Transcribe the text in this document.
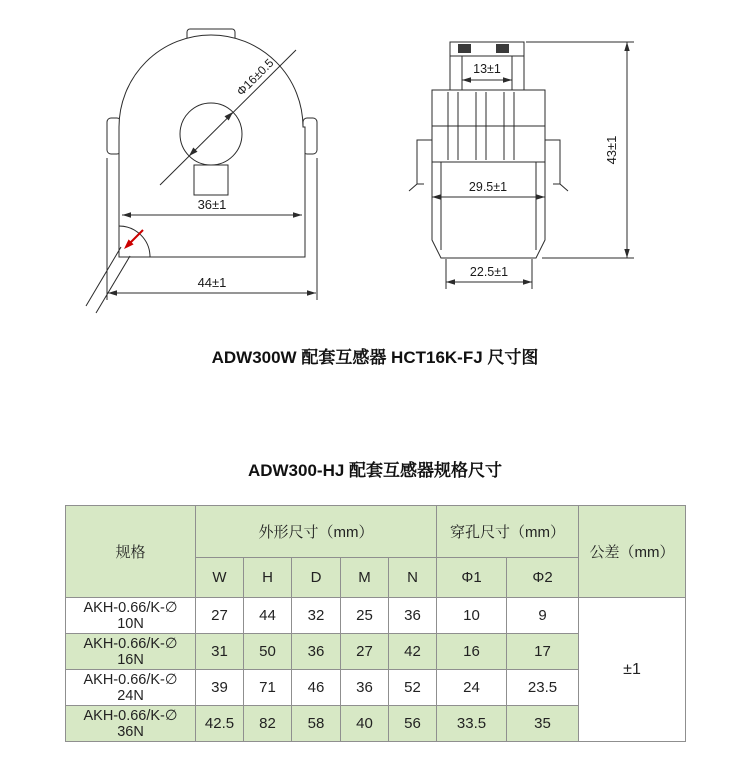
Φ16±0.5
36±1
44±1
13±1
29.5±1
22.5±1
43±1
ADW300W 配套互感器 HCT16K-FJ 尺寸图
ADW300-HJ 配套互感器规格尺寸
规格	外形尺寸（mm）					穿孔尺寸（mm）		公差（mm）
	W	H	D	M	N	Φ1	Φ2	
AKH-0.66/K-∅ 10N	27	44	32	25	36	10	9	±1
AKH-0.66/K-∅ 16N	31	50	36	27	42	16	17	
AKH-0.66/K-∅ 24N	39	71	46	36	52	24	23.5	
AKH-0.66/K-∅ 36N	42.5	82	58	40	56	33.5	35	
